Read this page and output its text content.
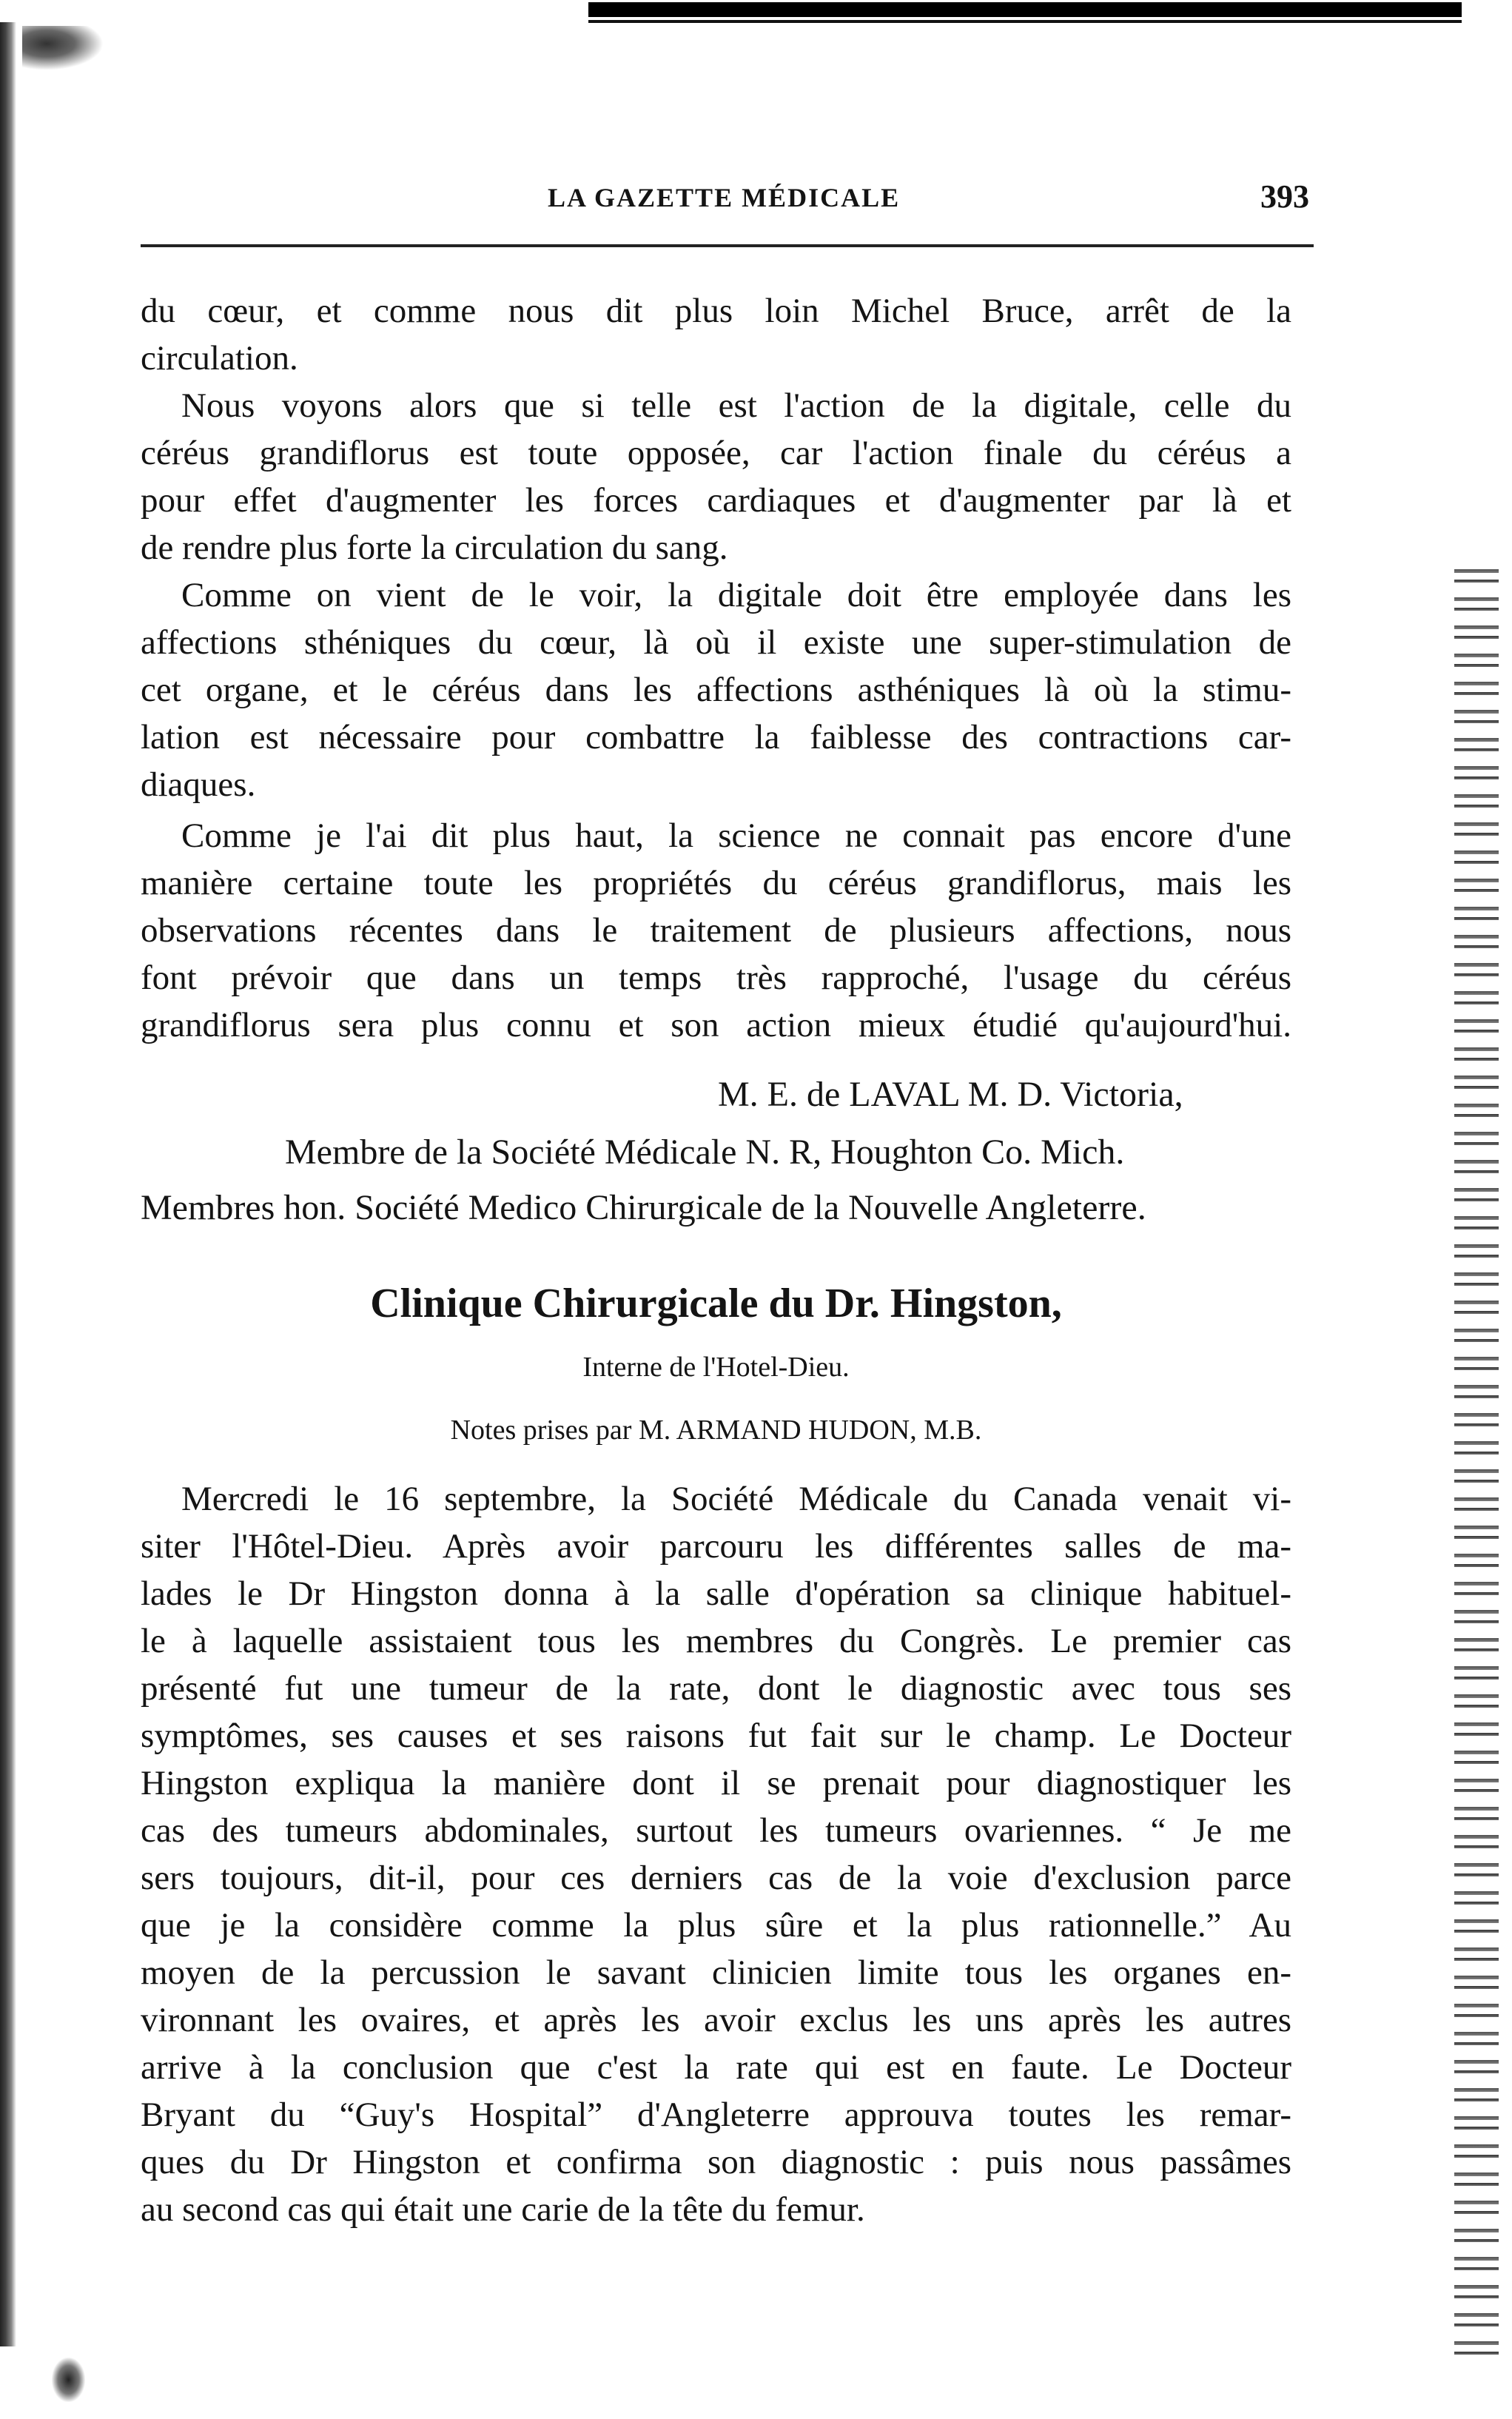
LA GAZETTE MÉDICALE	393
du cœur, et comme nous dit plus loin Michel Bruce, arrêt de la
circulation.
Nous voyons alors que si telle est l'action de la digitale, celle du
céréus grandiflorus est toute opposée, car l'action finale du céréus a
pour effet d'augmenter les forces cardiaques et d'augmenter par là et
de rendre plus forte la circulation du sang.
Comme on vient de le voir, la digitale doit être employée dans les
affections sthéniques du cœur, là où il existe une super-stimulation de
cet organe, et le céréus dans les affections asthéniques là où la stimu-
lation est nécessaire pour combattre la faiblesse des contractions car-
diaques.
Comme je l'ai dit plus haut, la science ne connait pas encore d'une
manière certaine toute les propriétés du céréus grandiflorus, mais les
observations récentes dans le traitement de plusieurs affections, nous
font prévoir que dans un temps très rapproché, l'usage du céréus
grandiflorus sera plus connu et son action mieux étudié qu'aujourd'hui.
M. E. de LAVAL M. D. Victoria,
Membre de la Société Médicale N. R, Houghton Co. Mich.
Membres hon. Société Medico Chirurgicale de la Nouvelle Angleterre.
Clinique Chirurgicale du Dr. Hingston,
Interne de l'Hotel-Dieu.
Notes prises par M. ARMAND HUDON, M.B.
Mercredi le 16 septembre, la Société Médicale du Canada venait vi-
siter l'Hôtel-Dieu. Après avoir parcouru les différentes salles de ma-
lades le Dr Hingston donna à la salle d'opération sa clinique habituel-
le à laquelle assistaient tous les membres du Congrès. Le premier cas
présenté fut une tumeur de la rate, dont le diagnostic avec tous ses
symptômes, ses causes et ses raisons fut fait sur le champ. Le Docteur
Hingston expliqua la manière dont il se prenait pour diagnostiquer les
cas des tumeurs abdominales, surtout les tumeurs ovariennes. “ Je me
sers toujours, dit-il, pour ces derniers cas de la voie d'exclusion parce
que je la considère comme la plus sûre et la plus rationnelle.” Au
moyen de la percussion le savant clinicien limite tous les organes en-
vironnant les ovaires, et après les avoir exclus les uns après les autres
arrive à la conclusion que c'est la rate qui est en faute. Le Docteur
Bryant du “Guy's Hospital” d'Angleterre approuva toutes les remar-
ques du Dr Hingston et confirma son diagnostic : puis nous passâmes
au second cas qui était une carie de la tête du femur.
